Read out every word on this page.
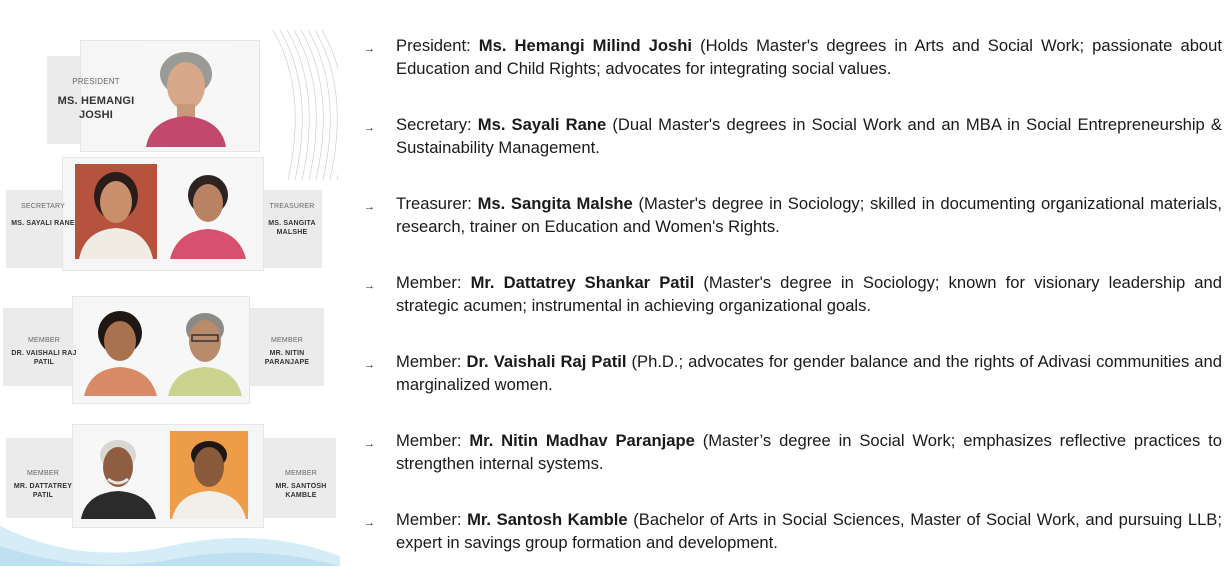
PRESIDENT
MS. HEMANGI JOSHI
SECRETARY
MS. SAYALI RANE
TREASURER
MS. SANGITA MALSHE
MEMBER
DR. VAISHALI RAJ PATIL
MEMBER
MR. NITIN PARANJAPE
MEMBER
MR. DATTATREY PATIL
MEMBER
MR. SANTOSH KAMBLE
→ President: Ms. Hemangi Milind Joshi (Holds Master's degrees in Arts and Social Work; passionate about Education and Child Rights; advocates for integrating social values.
→ Secretary: Ms. Sayali Rane (Dual Master's degrees in Social Work and an MBA in Social Entrepreneurship & Sustainability Management.
→ Treasurer: Ms. Sangita Malshe (Master's degree in Sociology; skilled in documenting organizational materials, research, trainer on Education and Women's Rights.
→ Member: Mr. Dattatrey Shankar Patil (Master's degree in Sociology; known for visionary leadership and strategic acumen; instrumental in achieving organizational goals.
→ Member: Dr. Vaishali Raj Patil (Ph.D.; advocates for gender balance and the rights of Adivasi communities and marginalized women.
→ Member: Mr. Nitin Madhav Paranjape (Master’s degree in Social Work; emphasizes reflective practices to strengthen internal systems.
→ Member: Mr. Santosh Kamble (Bachelor of Arts in Social Sciences, Master of Social Work, and pursuing LLB; expert in savings group formation and development.
